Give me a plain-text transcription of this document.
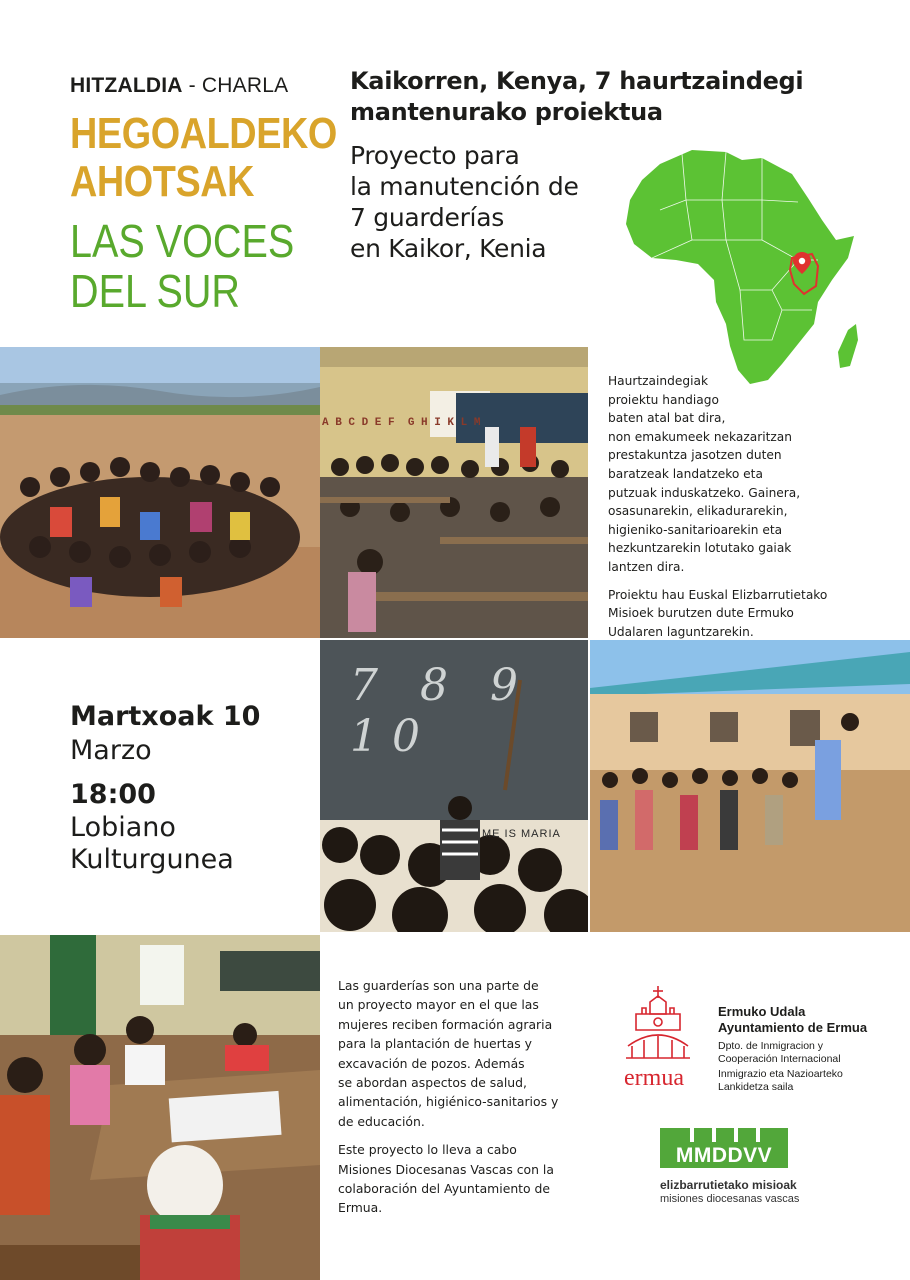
HITZALDIA - CHARLA
HEGOALDEKO
AHOTSAK
LAS VOCES
DEL SUR
Kaikorren, Kenya, 7 haurtzaindegi
mantenurako proiektua
Proyecto para
la manutención de
7 guarderías
en Kaikor, Kenia
A B C D E F G H I K L M

Haurtzaindegiak
proiektu handiago
baten atal bat dira,
non emakumeek nekazaritzan
prestakuntza jasotzen duten
baratzeak landatzeko eta
putzuak induskatzeko. Gainera,
osasunarekin, elikadurarekin,
higieniko-sanitarioarekin eta
hezkuntzarekin lotutako gaiak
lantzen dira.

Proiektu hau Euskal Elizbarrutietako
Misioek burutzen dute Ermuko
Udalaren laguntzarekin.

Martxoak 10
Marzo
18:00
Lobiano
Kulturgunea
7 8 9 10
ME IS MARIA

Las guarderías son una parte de
un proyecto mayor en el que las
mujeres reciben formación agraria
para la plantación de huertas y
excavación de pozos. Además
se abordan aspectos de salud,
alimentación, higiénico-sanitarios y
de educación.

Este proyecto lo lleva a cabo
Misiones Diocesanas Vascas con la
colaboración del Ayuntamiento de
Ermua.

ermua
Ermuko Udala
Ayuntamiento de Ermua
Dpto. de Inmigracion y
Cooperación Internacional
Inmigrazio eta Nazioarteko
Lankidetza saila
MMDDVV
elizbarrutietako misioak
misiones diocesanas vascas
